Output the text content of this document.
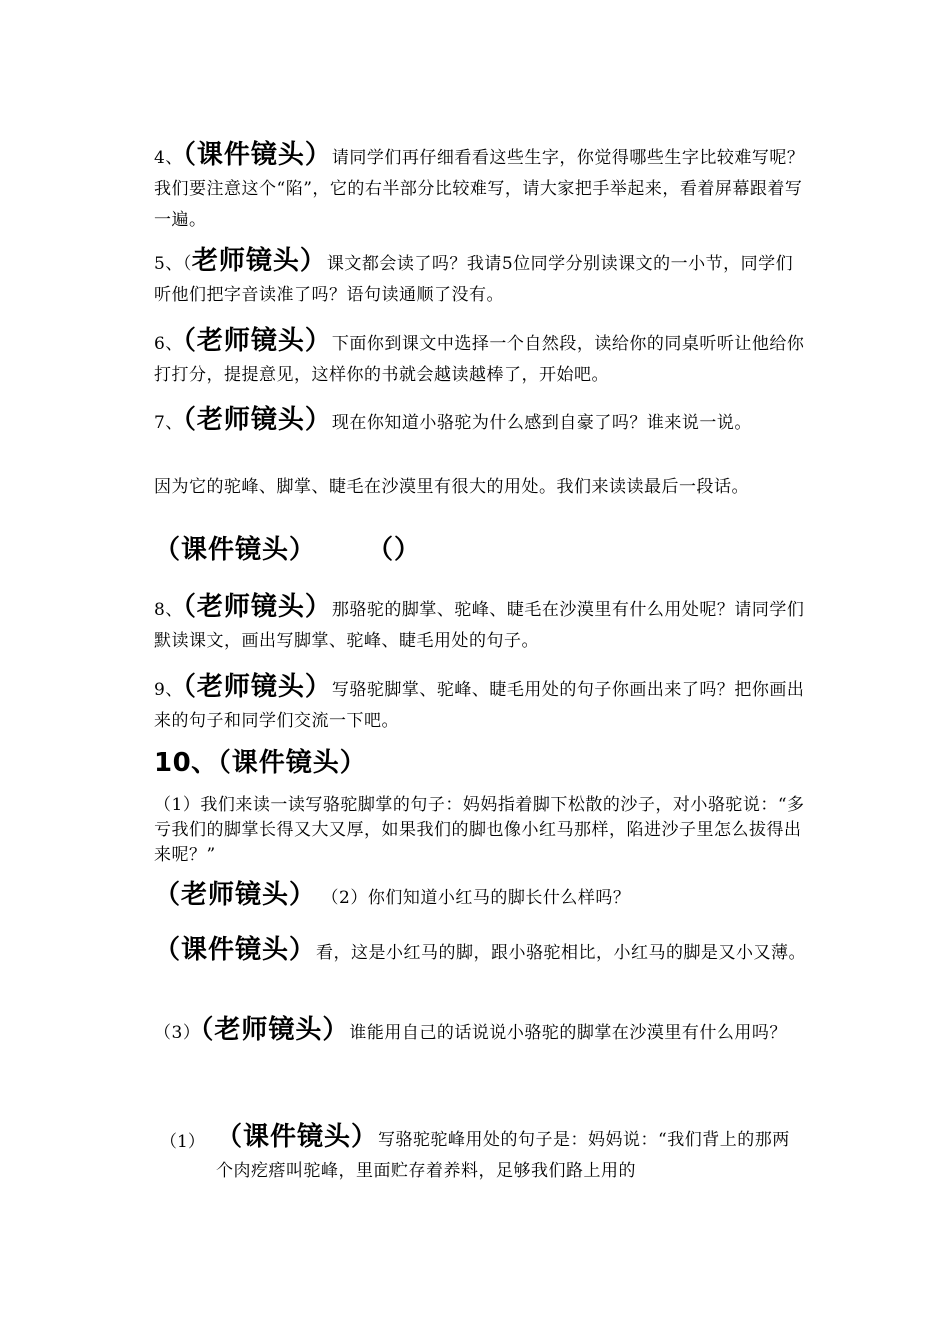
4、（课件镜头）请同学们再仔细看看这些生字，你觉得哪些生字比较难写呢？ 我们要注意这个“陷”，它的右半部分比较难写，请大家把手举起来，看着屏幕跟着写一遍。

5、（老师镜头）课文都会读了吗？我请5位同学分别读课文的一小节，同学们听他们把字音读准了吗？语句读通顺了没有。

6、（老师镜头）下面你到课文中选择一个自然段，读给你的同桌听听让他给你打打分，提提意见，这样你的书就会越读越棒了，开始吧。

7、（老师镜头）现在你知道小骆驼为什么感到自豪了吗？谁来说一说。

因为它的驼峰、脚掌、睫毛在沙漠里有很大的用处。我们来读读最后一段话。

（课件镜头） （）

8、（老师镜头）那骆驼的脚掌、驼峰、睫毛在沙漠里有什么用处呢？请同学们默读课文，画出写脚掌、驼峰、睫毛用处的句子。

9、（老师镜头）写骆驼脚掌、驼峰、睫毛用处的句子你画出来了吗？把你画出来的句子和同学们交流一下吧。

10、（课件镜头）

（1）我们来读一读写骆驼脚掌的句子：妈妈指着脚下松散的沙子，对小骆驼说：“多亏我们的脚掌长得又大又厚，如果我们的脚也像小红马那样，陷进沙子里怎么拔得出来呢？”

（老师镜头） （2）你们知道小红马的脚长什么样吗？

（课件镜头）看，这是小红马的脚，跟小骆驼相比，小红马的脚是又小又薄。

（3）（老师镜头）谁能用自己的话说说小骆驼的脚掌在沙漠里有什么用吗？

（1） （课件镜头）写骆驼驼峰用处的句子是：妈妈说：“我们背上的那两个肉疙瘩叫驼峰，里面贮存着养料，足够我们路上用的
